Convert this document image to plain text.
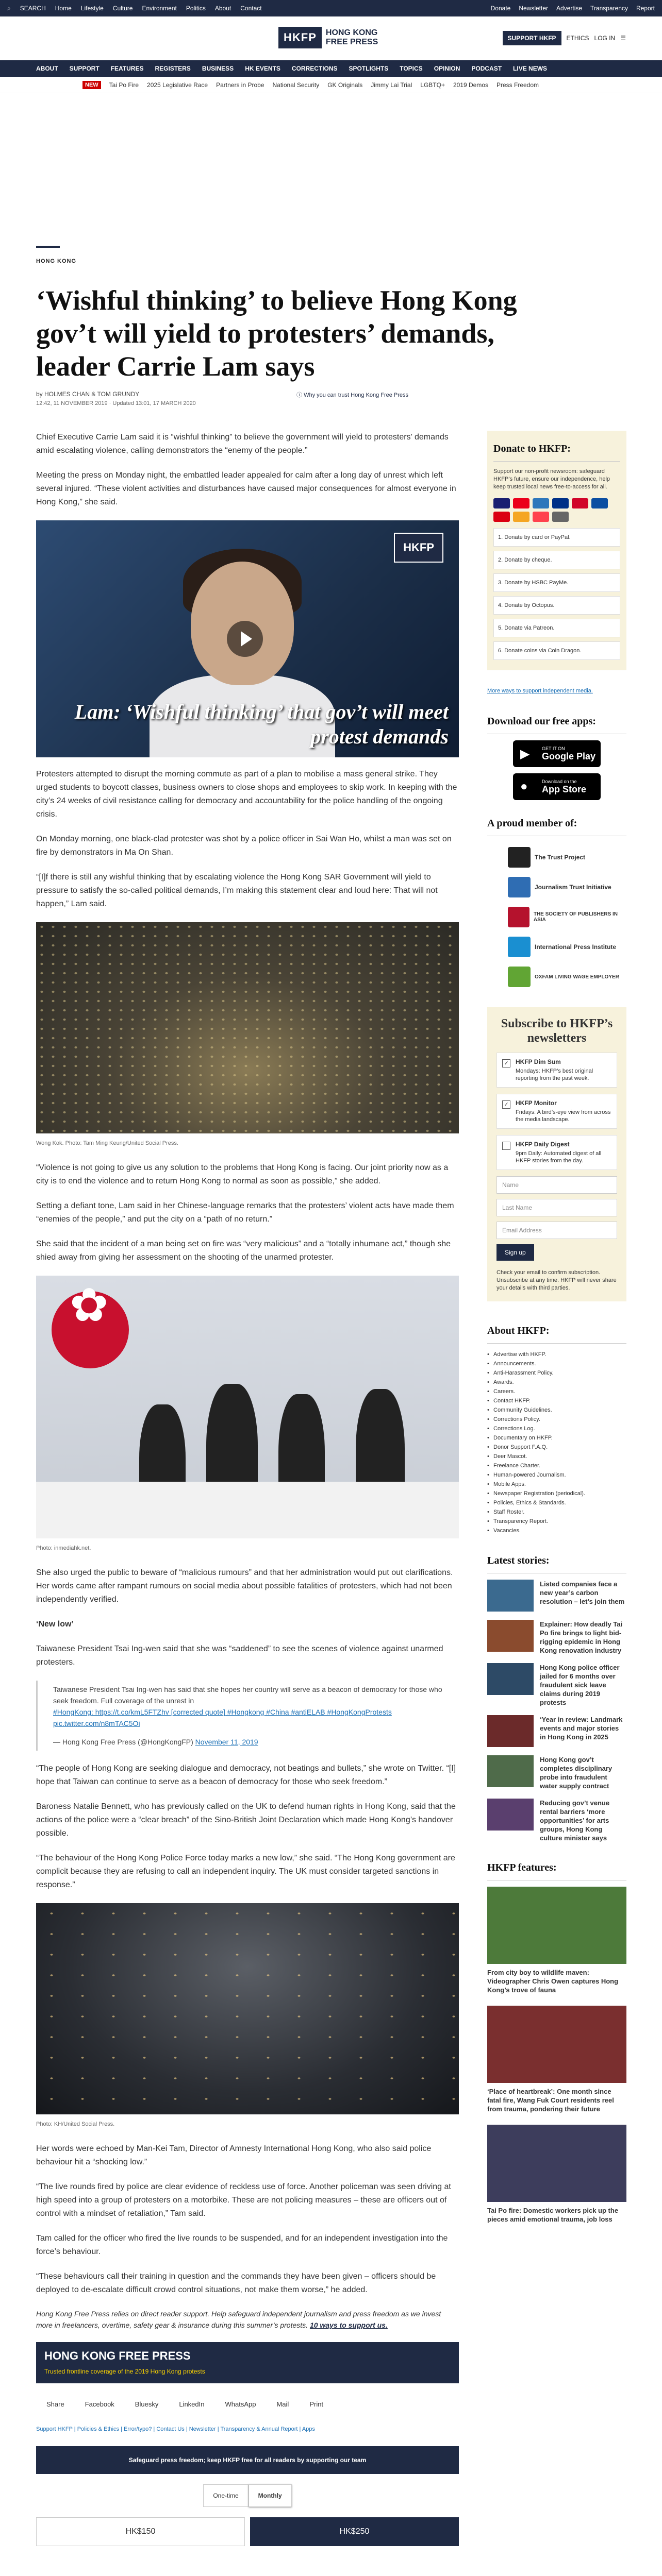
⌕ SEARCH Home Lifestyle Culture Environment Politics About Contact	Donate Newsletter Advertise Transparency Report
HKFP	HONG KONG
FREE PRESS	SUPPORT HKFP	ETHICS LOG IN ☰
ABOUT SUPPORT FEATURES REGISTERS BUSINESS HK EVENTS CORRECTIONS SPOTLIGHTS TOPICS OPINION PODCAST LIVE NEWS
NEW	Tai Po Fire 2025 Legislative Race Partners in Probe National Security GK Originals Jimmy Lai Trial LGBTQ+ 2019 Demos Press Freedom
HONG KONG
‘Wishful thinking’ to believe Hong Kong gov’t will yield to protesters’ demands, leader Carrie Lam says
by HOLMES CHAN & TOM GRUNDY
12:42, 11 NOVEMBER 2019 · Updated 13:01, 17 MARCH 2020
ⓘ Why you can trust Hong Kong Free Press

Chief Executive Carrie Lam said it is “wishful thinking” to believe the government will yield to protesters’ demands amid escalating violence, calling demonstrators the “enemy of the people.”

Meeting the press on Monday night, the embattled leader appealed for calm after a long day of unrest which left several injured. “These violent activities and disturbances have caused major consequences for almost everyone in Hong Kong,” she said.

HKFP
Lam: ‘Wishful thinking’ that gov’t will meet protest demands

Protesters attempted to disrupt the morning commute as part of a plan to mobilise a mass general strike. They urged students to boycott classes, business owners to close shops and employees to skip work. In keeping with the city’s 24 weeks of civil resistance calling for democracy and accountability for the police handling of the ongoing crisis.

On Monday morning, one black-clad protester was shot by a police officer in Sai Wan Ho, whilst a man was set on fire by demonstrators in Ma On Shan.

“[I]f there is still any wishful thinking that by escalating violence the Hong Kong SAR Government will yield to pressure to satisfy the so-called political demands, I’m making this statement clear and loud here: That will not happen,” Lam said.

Wong Kok. Photo: Tam Ming Keung/United Social Press.

“Violence is not going to give us any solution to the problems that Hong Kong is facing. Our joint priority now as a city is to end the violence and to return Hong Kong to normal as soon as possible,” she added.

Setting a defiant tone, Lam said in her Chinese-language remarks that the protesters’ violent acts have made them “enemies of the people,” and put the city on a “path of no return.”

She said that the incident of a man being set on fire was “very malicious” and a “totally inhumane act,” though she shied away from giving her assessment on the shooting of the unarmed protester.

✿
Photo: inmediahk.net.

She also urged the public to beware of “malicious rumours” and that her administration would put out clarifications. Her words came after rampant rumours on social media about possible fatalities of protesters, which had not been independently verified.

‘New low’

Taiwanese President Tsai Ing-wen said that she was “saddened” to see the scenes of violence against unarmed protesters.

Taiwanese President Tsai Ing-wen has said that she hopes her country will serve as a beacon of democracy for those who seek freedom. Full coverage of the unrest in
#HongKong: https://t.co/kmL5FTZhv [corrected quote] #Hongkong #China #antiELAB #HongKongProtests pic.twitter.com/n8mTAC5Oi
— Hong Kong Free Press (@HongKongFP) November 11, 2019

“The people of Hong Kong are seeking dialogue and democracy, not beatings and bullets,” she wrote on Twitter. “[I] hope that Taiwan can continue to serve as a beacon of democracy for those who seek freedom.”

Baroness Natalie Bennett, who has previously called on the UK to defend human rights in Hong Kong, said that the actions of the police were a “clear breach” of the Sino-British Joint Declaration which made Hong Kong’s handover possible.

“The behaviour of the Hong Kong Police Force today marks a new low,” she said. “The Hong Kong government are complicit because they are refusing to call an independent inquiry. The UK must consider targeted sanctions in response.”

Photo: KH/United Social Press.

Her words were echoed by Man-Kei Tam, Director of Amnesty International Hong Kong, who also said police behaviour hit a “shocking low.”

“The live rounds fired by police are clear evidence of reckless use of force. Another policeman was seen driving at high speed into a group of protesters on a motorbike. These are not policing measures – these are officers out of control with a mindset of retaliation,” Tam said.

Tam called for the officer who fired the live rounds to be suspended, and for an independent investigation into the force’s behaviour.

“These behaviours call their training in question and the commands they have been given – officers should be deployed to de-escalate difficult crowd control situations, not make them worse,” he added.

Hong Kong Free Press relies on direct reader support. Help safeguard independent journalism and press freedom as we invest more in freelancers, overtime, safety gear & insurance during this summer’s protests. 10 ways to support us.

HONG KONG FREE PRESS
Trusted frontline coverage of the 2019 Hong Kong protests
Share	Facebook	Bluesky	LinkedIn	WhatsApp	Mail	Print
Support HKFP | Policies & Ethics | Error/typo? | Contact Us | Newsletter | Transparency & Annual Report | Apps
Safeguard press freedom; keep HKFP free for all readers by supporting our team
One-time	Monthly
HK$150	HK$250
Donate to HKFP:
Support our non-profit newsroom: safeguard HKFP’s future, ensure our independence, help keep trusted local news free-to-access for all.
1. Donate by card or PayPal.
2. Donate by cheque.
3. Donate by HSBC PayMe.
4. Donate by Octopus.
5. Donate via Patreon.
6. Donate coins via Coin Dragon.
More ways to support independent media.
Download our free apps:
▶	GET IT ON
Google Play
●	Download on the
App Store
A proud member of:
The Trust Project
Journalism Trust Initiative
THE SOCIETY OF PUBLISHERS IN ASIA
International Press Institute
OXFAM LIVING WAGE EMPLOYER
Subscribe to HKFP’s newsletters
✓ HKFP Dim Sum
Mondays: HKFP’s best original reporting from the past week.
✓ HKFP Monitor
Fridays: A bird’s-eye view from across the media landscape.
HKFP Daily Digest
9pm Daily: Automated digest of all HKFP stories from the day.
Name
Last Name
Email Address
Sign up
Check your email to confirm subscription. Unsubscribe at any time. HKFP will never share your details with third parties.
About HKFP:
• Advertise with HKFP.
• Announcements.
• Anti-Harassment Policy.
• Awards.
• Careers.
• Contact HKFP.
• Community Guidelines.
• Corrections Policy.
• Corrections Log.
• Documentary on HKFP.
• Donor Support F.A.Q.
• Deer Mascot.
• Freelance Charter.
• Human-powered Journalism.
• Mobile Apps.
• Newspaper Registration (periodical).
• Policies, Ethics & Standards.
• Staff Roster.
• Transparency Report.
• Vacancies.
Latest stories:
Listed companies face a new year’s carbon resolution – let’s join them
Explainer: How deadly Tai Po fire brings to light bid-rigging epidemic in Hong Kong renovation industry
Hong Kong police officer jailed for 6 months over fraudulent sick leave claims during 2019 protests
‘Year in review: Landmark events and major stories in Hong Kong in 2025
Hong Kong gov’t completes disciplinary probe into fraudulent water supply contract
Reducing gov’t venue rental barriers ‘more opportunities’ for arts groups, Hong Kong culture minister says
HKFP features:
From city boy to wildlife maven: Videographer Chris Owen captures Hong Kong’s trove of fauna
‘Place of heartbreak’: One month since fatal fire, Wang Fuk Court residents reel from trauma, pondering their future
Tai Po fire: Domestic workers pick up the pieces amid emotional trauma, job loss
